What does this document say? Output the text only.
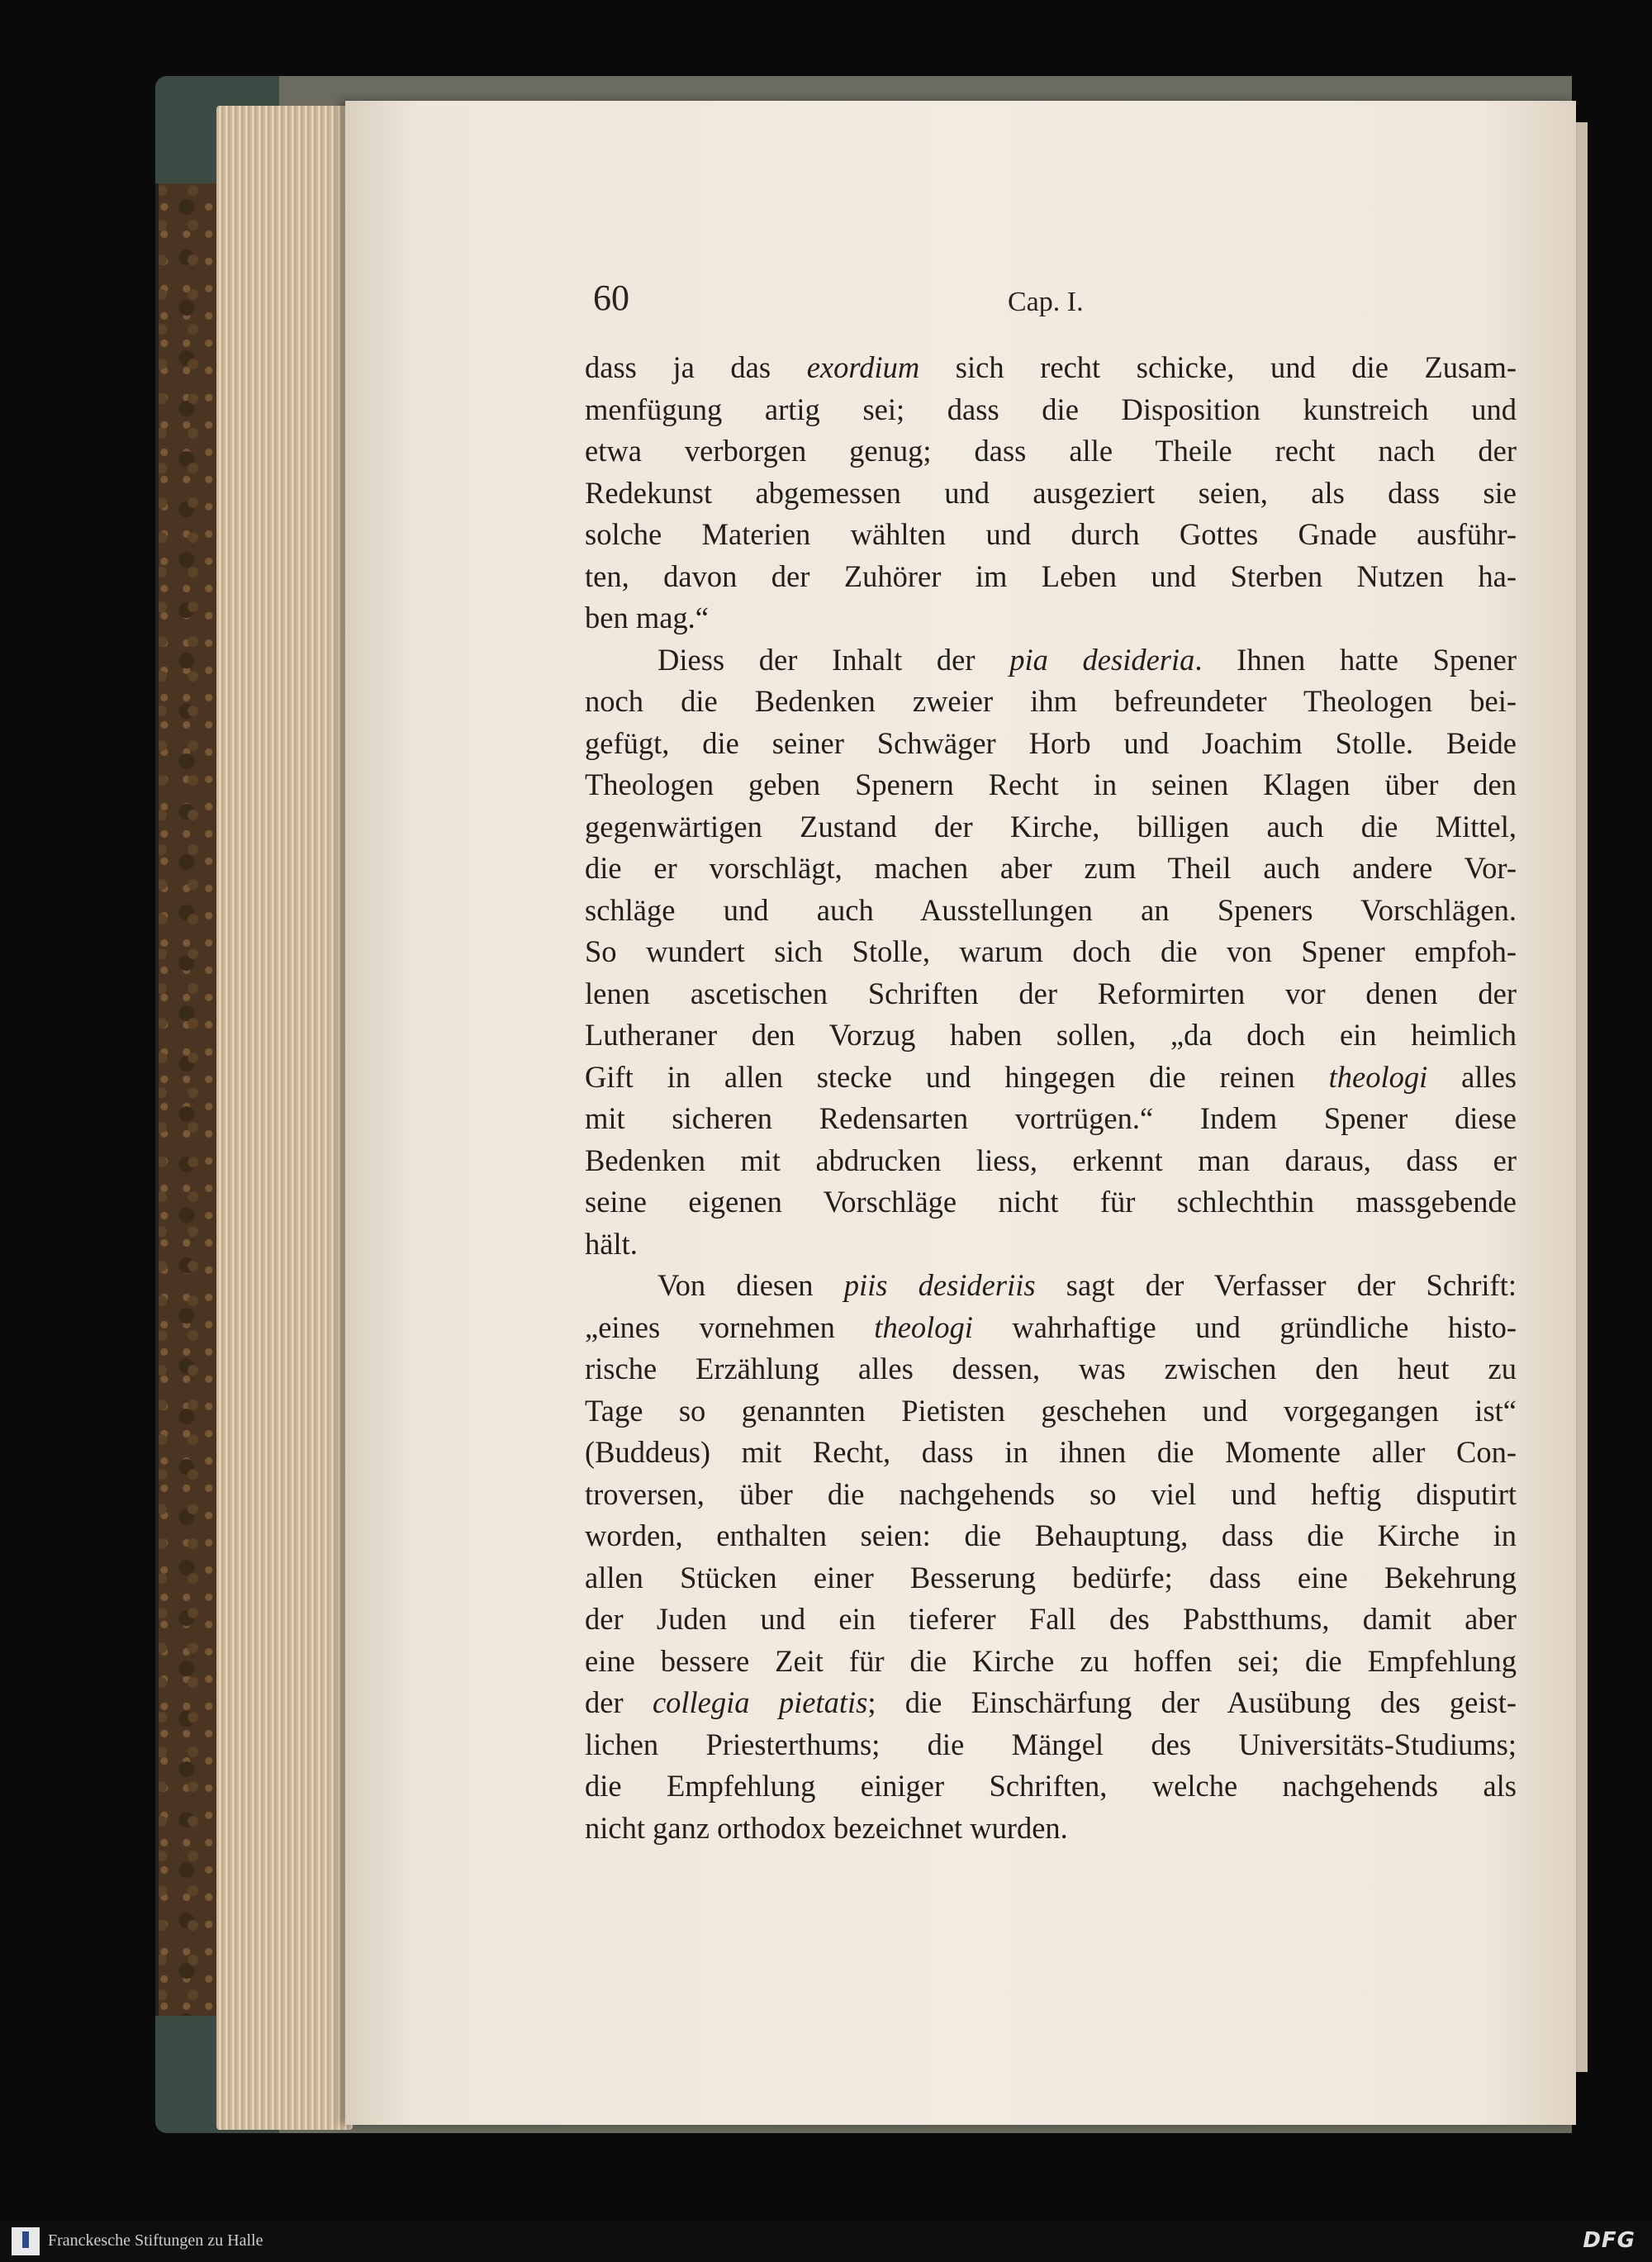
60	Cap. I.
dass ja das exordium sich recht schicke, und die Zusam-
menfügung artig sei; dass die Disposition kunstreich und
etwa verborgen genug; dass alle Theile recht nach der
Redekunst abgemessen und ausgeziert seien, als dass sie
solche Materien wählten und durch Gottes Gnade ausführ-
ten, davon der Zuhörer im Leben und Sterben Nutzen ha-
ben mag.“
Diess der Inhalt der pia desideria. Ihnen hatte Spener
noch die Bedenken zweier ihm befreundeter Theologen bei-
gefügt, die seiner Schwäger Horb und Joachim Stolle. Beide
Theologen geben Spenern Recht in seinen Klagen über den
gegenwärtigen Zustand der Kirche, billigen auch die Mittel,
die er vorschlägt, machen aber zum Theil auch andere Vor-
schläge und auch Ausstellungen an Speners Vorschlägen.
So wundert sich Stolle, warum doch die von Spener empfoh-
lenen ascetischen Schriften der Reformirten vor denen der
Lutheraner den Vorzug haben sollen, „da doch ein heimlich
Gift in allen stecke und hingegen die reinen theologi alles
mit sicheren Redensarten vortrügen.“ Indem Spener diese
Bedenken mit abdrucken liess, erkennt man daraus, dass er
seine eigenen Vorschläge nicht für schlechthin massgebende
hält.
Von diesen piis desideriis sagt der Verfasser der Schrift:
„eines vornehmen theologi wahrhaftige und gründliche histo-
rische Erzählung alles dessen, was zwischen den heut zu
Tage so genannten Pietisten geschehen und vorgegangen ist“
(Buddeus) mit Recht, dass in ihnen die Momente aller Con-
troversen, über die nachgehends so viel und heftig disputirt
worden, enthalten seien: die Behauptung, dass die Kirche in
allen Stücken einer Besserung bedürfe; dass eine Bekehrung
der Juden und ein tieferer Fall des Pabstthums, damit aber
eine bessere Zeit für die Kirche zu hoffen sei; die Empfehlung
der collegia pietatis; die Einschärfung der Ausübung des geist-
lichen Priesterthums; die Mängel des Universitäts-Studiums;
die Empfehlung einiger Schriften, welche nachgehends als
nicht ganz orthodox bezeichnet wurden.
Franckesche Stiftungen zu Halle	DFG
